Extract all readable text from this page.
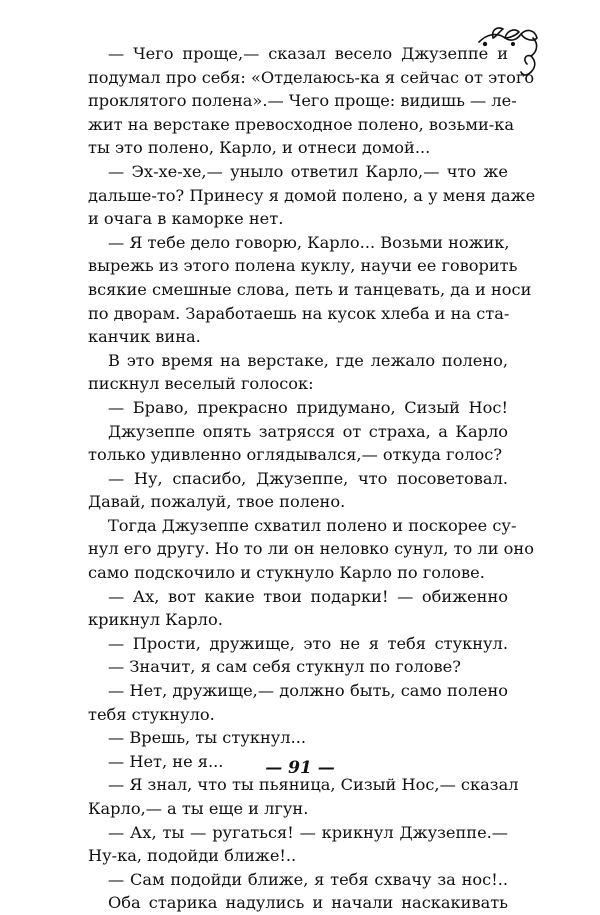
— Чего проще,— сказал весело Джузеппе и
подумал про себя: «Отделаюсь-ка я сейчас от этого
проклятого полена».— Чего проще: видишь — ле-
жит на верстаке превосходное полено, возьми-ка
ты это полено, Карло, и отнеси домой...
— Эх-хе-хе,— уныло ответил Карло,— что же
дальше-то? Принесу я домой полено, а у меня даже
и очага в каморке нет.
— Я тебе дело говорю, Карло... Возьми ножик,
вырежь из этого полена куклу, научи ее говорить
всякие смешные слова, петь и танцевать, да и носи
по дворам. Заработаешь на кусок хлеба и на ста-
канчик вина.
В это время на верстаке, где лежало полено,
пискнул веселый голосок:
— Браво, прекрасно придумано, Сизый Нос!
Джузеппе опять затрясся от страха, а Карло
только удивленно оглядывался,— откуда голос?
— Ну, спасибо, Джузеппе, что посоветовал.
Давай, пожалуй, твое полено.
Тогда Джузеппе схватил полено и поскорее су-
нул его другу. Но то ли он неловко сунул, то ли оно
само подскочило и стукнуло Карло по голове.
— Ах, вот какие твои подарки! — обиженно
крикнул Карло.
— Прости, дружище, это не я тебя стукнул.
— Значит, я сам себя стукнул по голове?
— Нет, дружище,— должно быть, само полено
тебя стукнуло.
— Врешь, ты стукнул...
— Нет, не я...
— Я знал, что ты пьяница, Сизый Нос,— сказал
Карло,— а ты еще и лгун.
— Ах, ты — ругаться! — крикнул Джузеппе.—
Ну-ка, подойди ближе!..
— Сам подойди ближе, я тебя схвачу за нос!..
Оба старика надулись и начали наскакивать
— 91 —
